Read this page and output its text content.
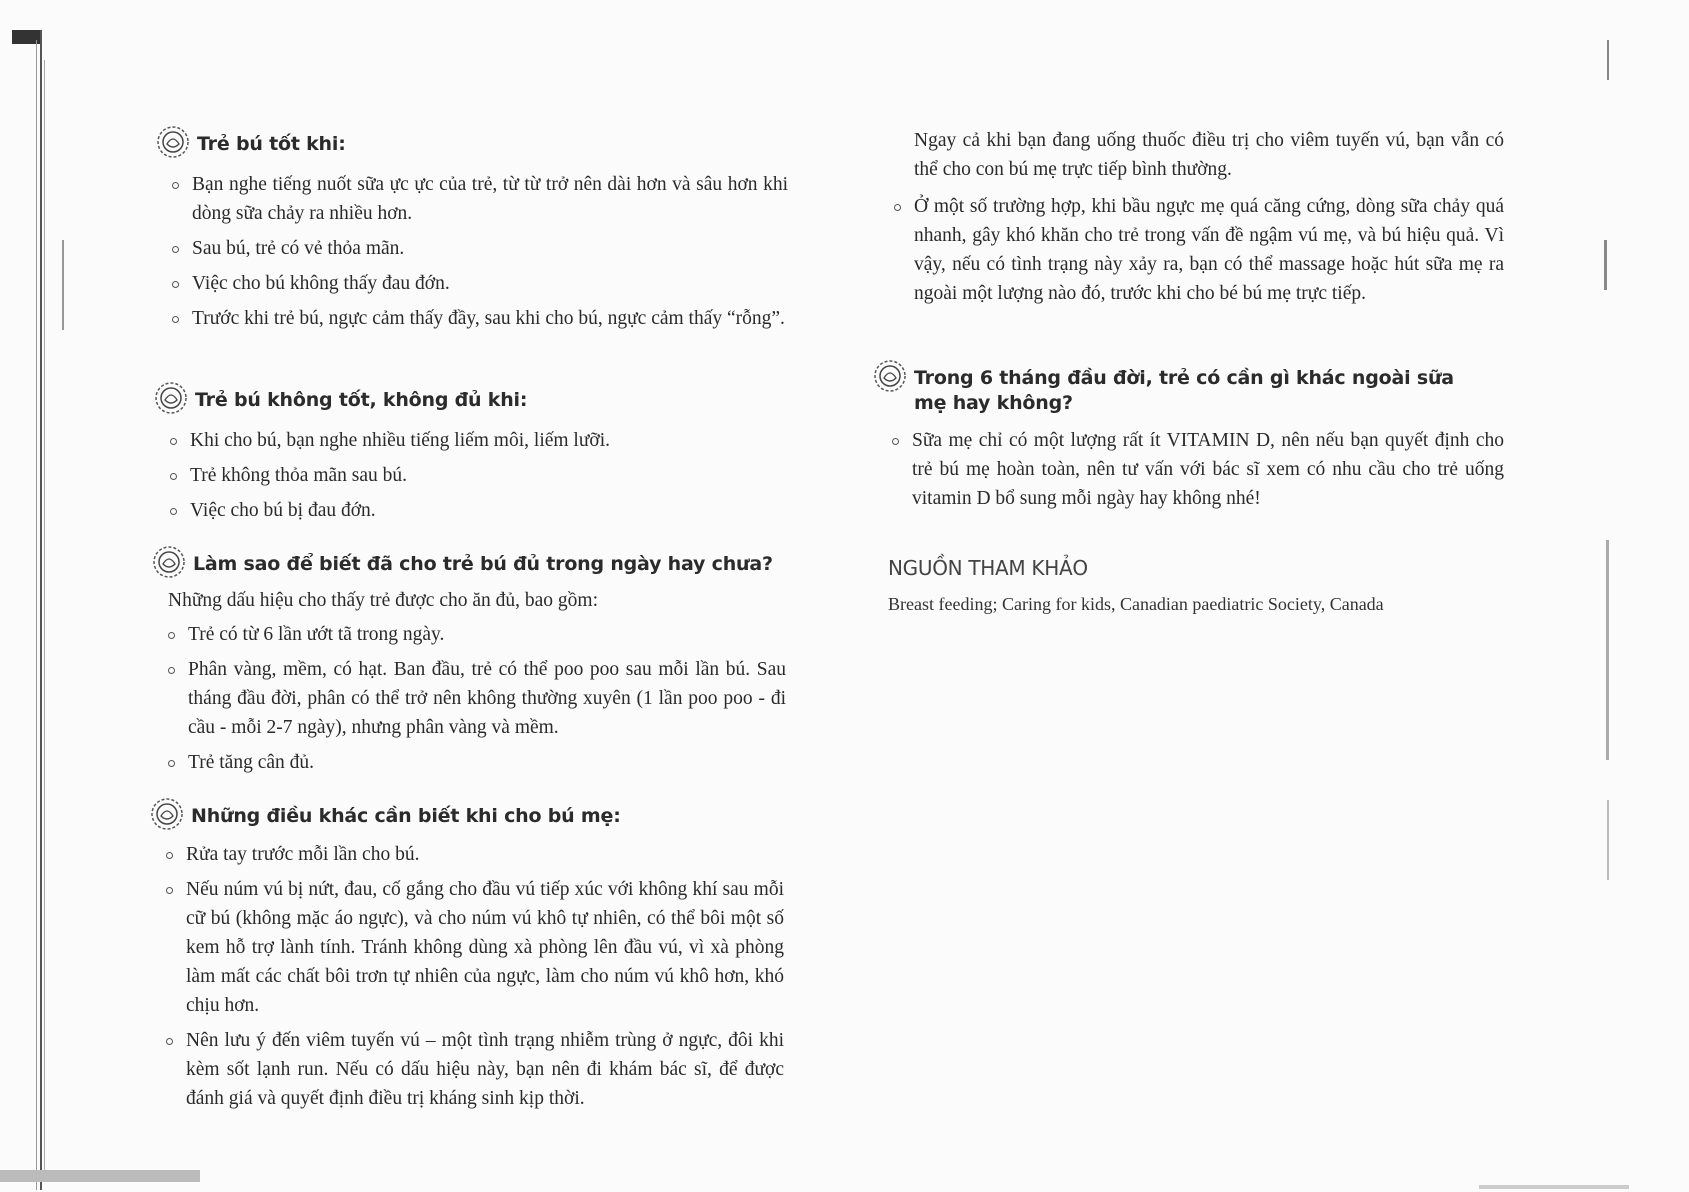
Trẻ bú tốt khi:
Bạn nghe tiếng nuốt sữa ực ực của trẻ, từ từ trở nên dài hơn và sâu hơn khi dòng sữa chảy ra nhiều hơn.
Sau bú, trẻ có vẻ thỏa mãn.
Việc cho bú không thấy đau đớn.
Trước khi trẻ bú, ngực cảm thấy đầy, sau khi cho bú, ngực cảm thấy “rỗng”.
Trẻ bú không tốt, không đủ khi:
Khi cho bú, bạn nghe nhiều tiếng liếm môi, liếm lưỡi.
Trẻ không thỏa mãn sau bú.
Việc cho bú bị đau đớn.
Làm sao để biết đã cho trẻ bú đủ trong ngày hay chưa?
Những dấu hiệu cho thấy trẻ được cho ăn đủ, bao gồm:
Trẻ có từ 6 lần ướt tã trong ngày.
Phân vàng, mềm, có hạt. Ban đầu, trẻ có thể poo poo sau mỗi lần bú. Sau tháng đầu đời, phân có thể trở nên không thường xuyên (1 lần poo poo - đi cầu - mỗi 2-7 ngày), nhưng phân vàng và mềm.
Trẻ tăng cân đủ.
Những điều khác cần biết khi cho bú mẹ:
Rửa tay trước mỗi lần cho bú.
Nếu núm vú bị nứt, đau, cố gắng cho đầu vú tiếp xúc với không khí sau mỗi cữ bú (không mặc áo ngực), và cho núm vú khô tự nhiên, có thể bôi một số kem hỗ trợ lành tính. Tránh không dùng xà phòng lên đầu vú, vì xà phòng làm mất các chất bôi trơn tự nhiên của ngực, làm cho núm vú khô hơn, khó chịu hơn.
Nên lưu ý đến viêm tuyến vú – một tình trạng nhiễm trùng ở ngực, đôi khi kèm sốt lạnh run. Nếu có dấu hiệu này, bạn nên đi khám bác sĩ, để được đánh giá và quyết định điều trị kháng sinh kịp thời.
Ngay cả khi bạn đang uống thuốc điều trị cho viêm tuyến vú, bạn vẫn có thể cho con bú mẹ trực tiếp bình thường.
Ở một số trường hợp, khi bầu ngực mẹ quá căng cứng, dòng sữa chảy quá nhanh, gây khó khăn cho trẻ trong vấn đề ngậm vú mẹ, và bú hiệu quả. Vì vậy, nếu có tình trạng này xảy ra, bạn có thể massage hoặc hút sữa mẹ ra ngoài một lượng nào đó, trước khi cho bé bú mẹ trực tiếp.
Trong 6 tháng đầu đời, trẻ có cần gì khác ngoài sữa mẹ hay không?
Sữa mẹ chỉ có một lượng rất ít VITAMIN D, nên nếu bạn quyết định cho trẻ bú mẹ hoàn toàn, nên tư vấn với bác sĩ xem có nhu cầu cho trẻ uống vitamin D bổ sung mỗi ngày hay không nhé!
NGUỒN THAM KHẢO
Breast feeding; Caring for kids, Canadian paediatric Society, Canada
